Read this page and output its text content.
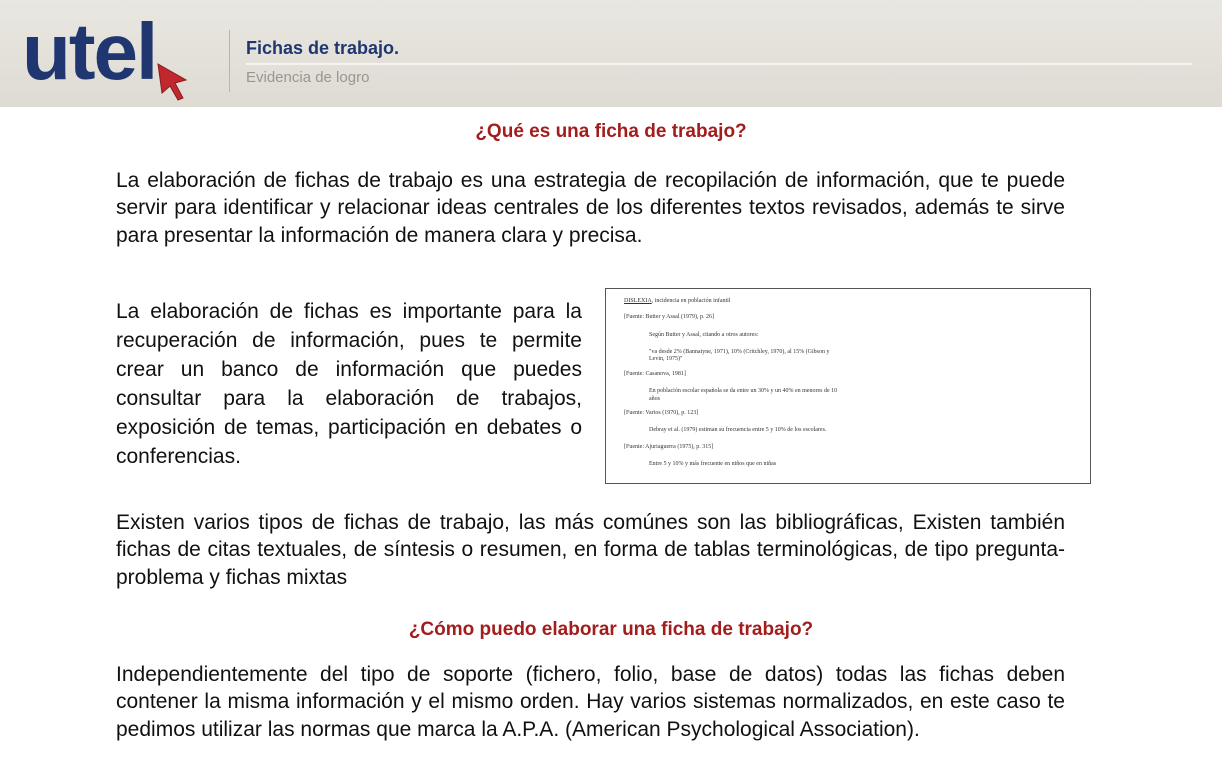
utel	Fichas de trabajo.
Evidencia de logro
¿Qué es una ficha de trabajo?
La elaboración de fichas de trabajo es una estrategia de recopilación de información, que te puede servir para identificar y relacionar ideas centrales de los diferentes textos revisados, además te sirve para presentar la información de manera clara y precisa.
La elaboración de fichas es importante para la recuperación de información, pues te permite crear un banco de información que puedes consultar para la elaboración de trabajos, exposición de temas, participación en debates o conferencias.
DISLEXIA, incidencia en población infantil
[Fuente: Butter y Assal (1979), p. 26]
Según Butter y Assal, citando a otros autores:
"va desde 2% (Bannatyne, 1971), 10% (Critchley, 1970), al 15% (Gibson y
Levin, 1975)"
[Fuente: Casanova, 1981]
En población escolar española se da entre un 30% y un 40% en menores de 10
años
[Fuente: Varios (1970), p. 123]
Debray et al. (1979) estiman su frecuencia entre 5 y 10% de los escolares.
[Fuente: Ajuriaguerra (1975), p. 315]
Entre 5 y 10% y más frecuente en niños que en niñas
Existen varios tipos de fichas de trabajo, las más comúnes son las bibliográficas, Existen también fichas de citas textuales, de síntesis o resumen, en forma de tablas terminológicas, de tipo pregunta-problema y fichas mixtas
¿Cómo puedo elaborar una ficha de trabajo?
Independientemente del tipo de soporte (fichero, folio, base de datos) todas las fichas deben contener la misma información y el mismo orden. Hay varios sistemas normalizados, en este caso te pedimos utilizar las normas que marca la A.P.A. (American Psychological Association).
